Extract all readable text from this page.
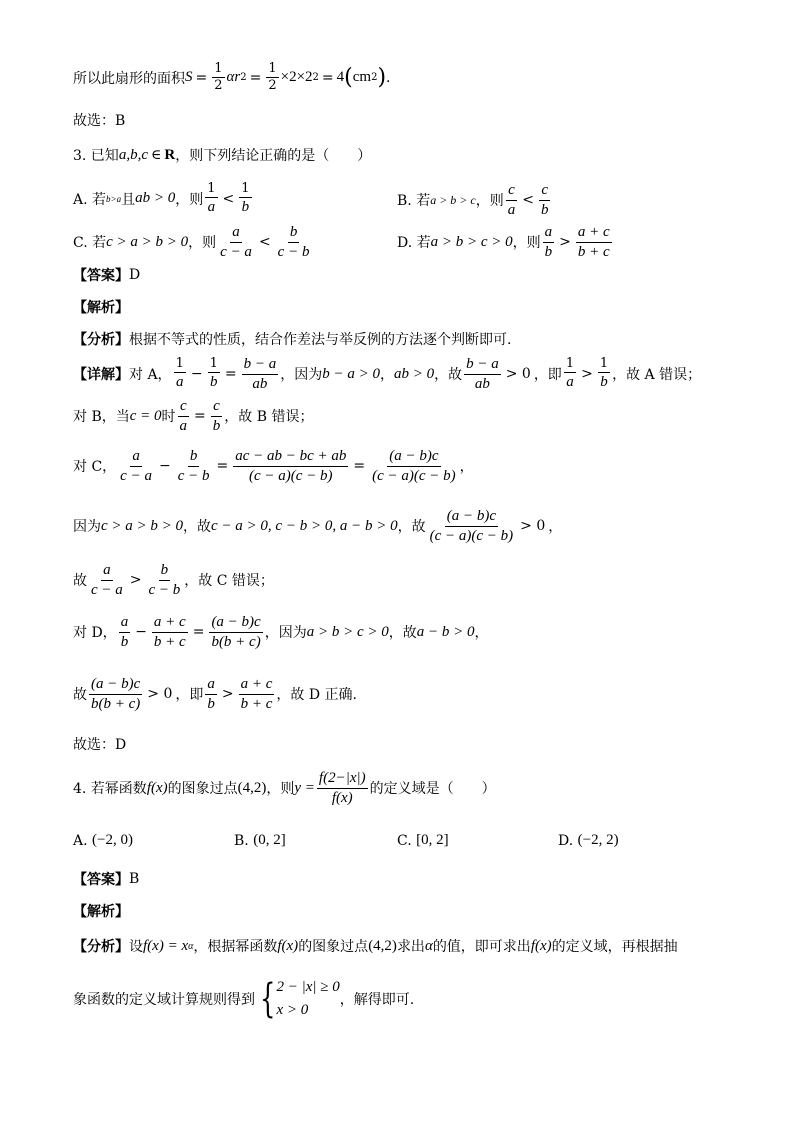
所以此扇形的面积 $S = \frac{1}{2}$ αr $2 = \frac{1}{2} \times 2\times 2$ 2 = 4 ( cm 2 ) .
故选：B
3. 已知 a,b,c ∈ R ，则下列结论正确的是（　　）
A. 若 b>a 且 ab > 0 ，则 $\frac{1}{a} < \frac{1}{b}$	B. 若 a > b > c ，则 $\frac{c}{a} < \frac{c}{b}$
C. 若 c > a > b > 0 ，则 $\frac{a}{c - a} < \frac{b}{c - b}$	D. 若 a > b > c > 0 ，则 $\frac{a}{b} > \frac{a + c}{b + c}$
【答案】 D
【解析】
【分析】 根据不等式的性质，结合作差法与举反例的方法逐个判断即可.
【详解】 对 A， $\frac{1}{a} - \frac{1}{b} = \frac{b - a}{ab}$ ，因为 b − a > 0 ， ab > 0 ，故 $\frac{b - a}{ab} > 0$ ，即 $\frac{1}{a} > \frac{1}{b}$ ，故 A 错误；
对 B，当 c = 0 时 $\frac{c}{a} = \frac{c}{b}$ ，故 B 错误；
对 C， $\frac{a}{c - a} - \frac{b}{c - b} = \frac{ac - ab - bc + ab}{(c - a)(c - b)} = \frac{(a - b)c}{(c - a)(c - b)}$ ，
因为 c > a > b > 0 ，故 c − a > 0, c − b > 0, a − b > 0 ，故 $\frac{(a - b)c}{(c - a)(c - b)} > 0$ ，
故 $\frac{a}{c - a} > \frac{b}{c - b}$ ，故 C 错误；
对 D， $\frac{a}{b} - \frac{a + c}{b + c} = \frac{(a - b)c}{b(b + c)}$ ，因为 a > b > c > 0 ，故 a − b > 0 ，
故 $\frac{(a - b)c}{b(b + c)} > 0$ ，即 $\frac{a}{b} > \frac{a + c}{b + c}$ ，故 D 正确.
故选：D
4. 若幂函数 f(x) 的图象过点 (4,2) ，则 $y = \frac{f(2-|x|)}{f(x)}$ 的定义域是（　　）
A.
(−2, 0)	B.
(0, 2]	C.
[0, 2]	D.
(−2, 2)
【答案】 B
【解析】
【分析】 设 f(x) = x α ，根据幂函数 f(x) 的图象过点 (4,2) 求出 α 的值，即可求出 f(x) 的定义域，再根据抽
象函数的定义域计算规则得到 { 2 − |x| ≥ 0
x > 0
，解得即可.
